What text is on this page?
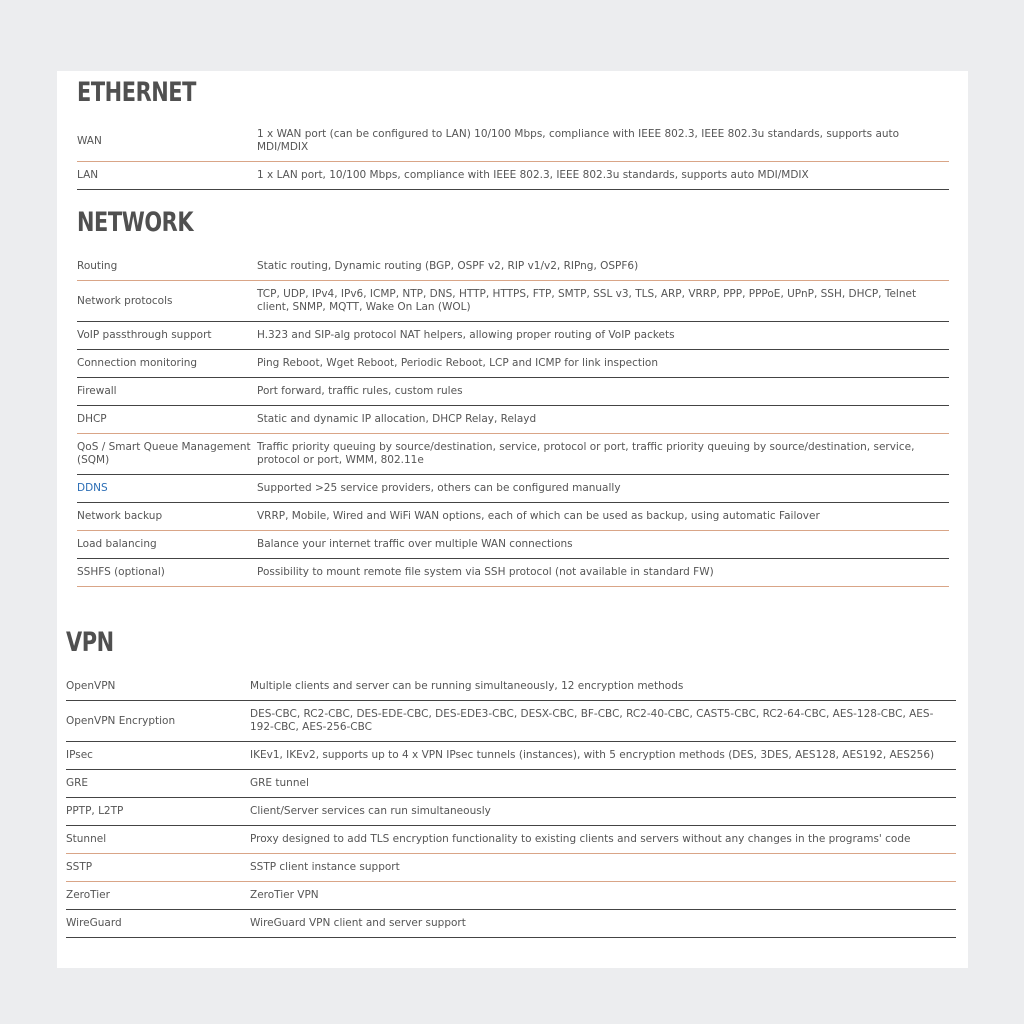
ETHERNET
WAN	1 x WAN port (can be configured to LAN) 10/100 Mbps, compliance with IEEE 802.3, IEEE 802.3u standards, supports auto MDI/MDIX
LAN	1 x LAN port, 10/100 Mbps, compliance with IEEE 802.3, IEEE 802.3u standards, supports auto MDI/MDIX
NETWORK
Routing	Static routing, Dynamic routing (BGP, OSPF v2, RIP v1/v2, RIPng, OSPF6)
Network protocols	TCP, UDP, IPv4, IPv6, ICMP, NTP, DNS, HTTP, HTTPS, FTP, SMTP, SSL v3, TLS, ARP, VRRP, PPP, PPPoE, UPnP, SSH, DHCP, Telnet client, SNMP, MQTT, Wake On Lan (WOL)
VoIP passthrough support	H.323 and SIP-alg protocol NAT helpers, allowing proper routing of VoIP packets
Connection monitoring	Ping Reboot, Wget Reboot, Periodic Reboot, LCP and ICMP for link inspection
Firewall	Port forward, traffic rules, custom rules
DHCP	Static and dynamic IP allocation, DHCP Relay, Relayd
QoS / Smart Queue Management (SQM)	Traffic priority queuing by source/destination, service, protocol or port, traffic priority queuing by source/destination, service, protocol or port, WMM, 802.11e
DDNS	Supported >25 service providers, others can be configured manually
Network backup	VRRP, Mobile, Wired and WiFi WAN options, each of which can be used as backup, using automatic Failover
Load balancing	Balance your internet traffic over multiple WAN connections
SSHFS (optional)	Possibility to mount remote file system via SSH protocol (not available in standard FW)
VPN
OpenVPN	Multiple clients and server can be running simultaneously, 12 encryption methods
OpenVPN Encryption	DES-CBC, RC2-CBC, DES-EDE-CBC, DES-EDE3-CBC, DESX-CBC, BF-CBC, RC2-40-CBC, CAST5-CBC, RC2-64-CBC, AES-128-CBC, AES-192-CBC, AES-256-CBC
IPsec	IKEv1, IKEv2, supports up to 4 x VPN IPsec tunnels (instances), with 5 encryption methods (DES, 3DES, AES128, AES192, AES256)
GRE	GRE tunnel
PPTP, L2TP	Client/Server services can run simultaneously
Stunnel	Proxy designed to add TLS encryption functionality to existing clients and servers without any changes in the programs' code
SSTP	SSTP client instance support
ZeroTier	ZeroTier VPN
WireGuard	WireGuard VPN client and server support
